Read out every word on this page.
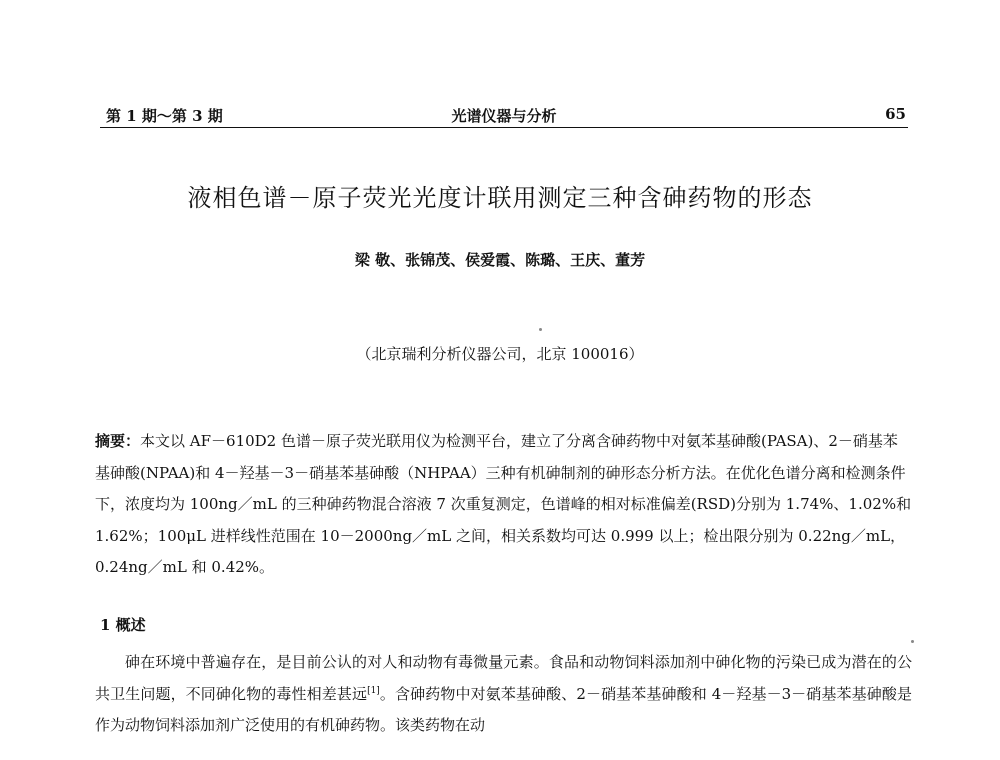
第 1 期～第 3 期	光谱仪器与分析	65
液相色谱－原子荧光光度计联用测定三种含砷药物的形态
梁 敬、张锦茂、侯爱霞、陈璐、王庆、董芳
（北京瑞利分析仪器公司，北京 100016）
摘要：本文以 AF－610D2 色谱－原子荧光联用仪为检测平台，建立了分离含砷药物中对氨苯基砷酸(PASA)、2－硝基苯基砷酸(NPAA)和 4－羟基－3－硝基苯基砷酸（NHPAA）三种有机砷制剂的砷形态分析方法。在优化色谱分离和检测条件下，浓度均为 100ng／mL 的三种砷药物混合溶液 7 次重复测定，色谱峰的相对标准偏差(RSD)分别为 1.74%、1.02%和 1.62%；100μL 进样线性范围在 10－2000ng／mL 之间，相关系数均可达 0.999 以上；检出限分别为 0.22ng／mL，0.24ng／mL 和 0.42%。
1 概述
砷在环境中普遍存在，是目前公认的对人和动物有毒微量元素。食品和动物饲料添加剂中砷化物的污染已成为潜在的公共卫生问题，不同砷化物的毒性相差甚远[1]。含砷药物中对氨苯基砷酸、2－硝基苯基砷酸和 4－羟基－3－硝基苯基砷酸是作为动物饲料添加剂广泛使用的有机砷药物。该类药物在动
